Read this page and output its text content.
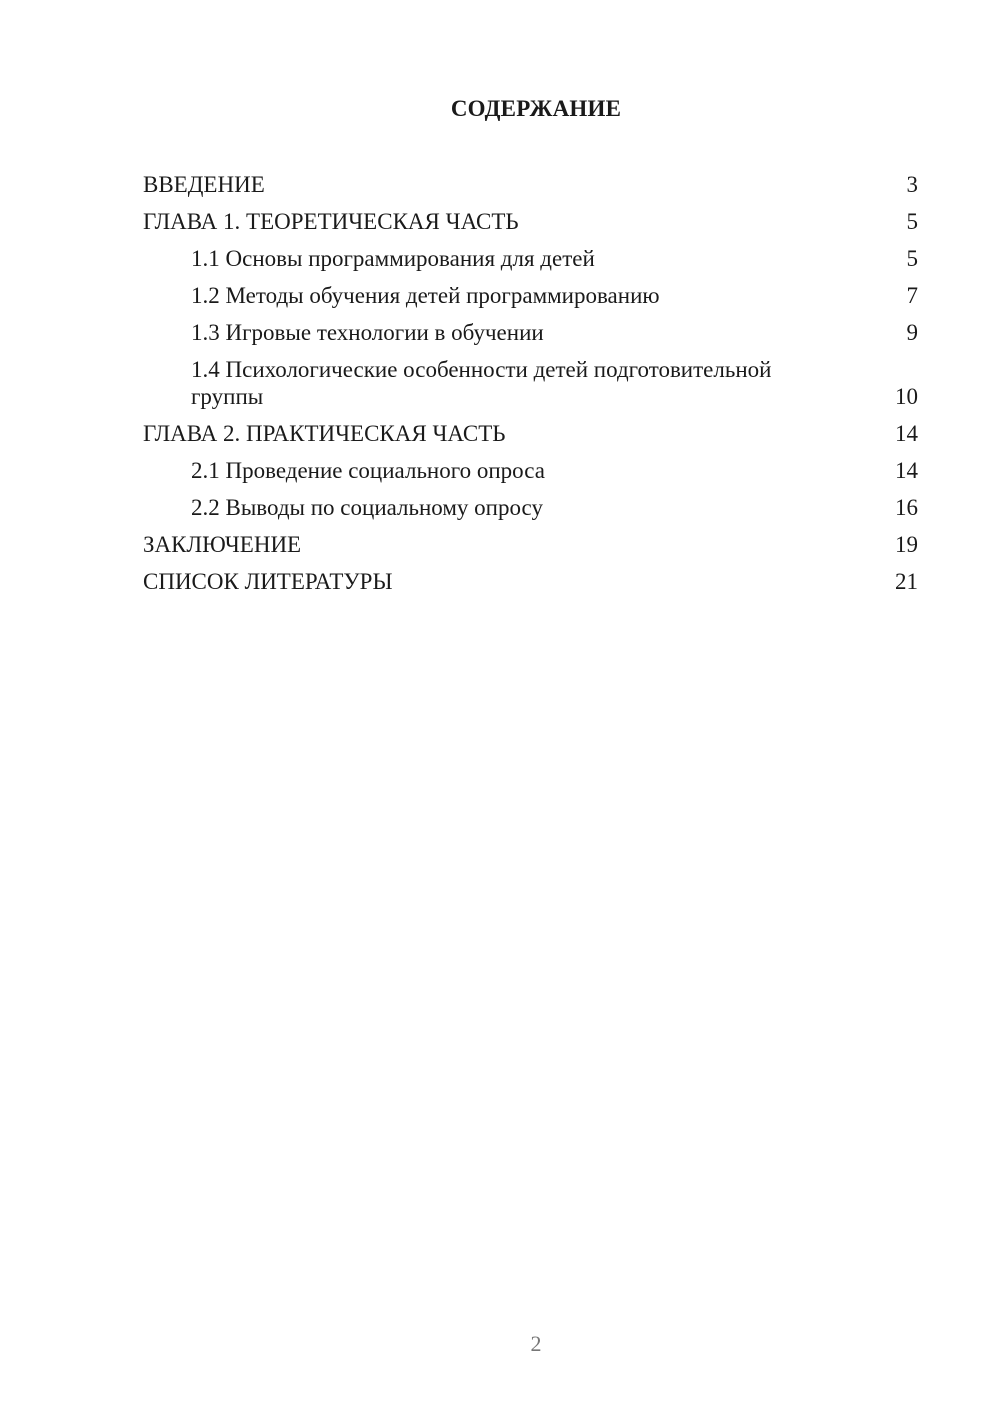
СОДЕРЖАНИЕ
ВВЕДЕНИЕ	3
ГЛАВА 1. ТЕОРЕТИЧЕСКАЯ ЧАСТЬ	5
1.1 Основы программирования для детей	5
1.2 Методы обучения детей программированию	7
1.3 Игровые технологии в обучении	9
1.4 Психологические особенности детей подготовительной группы	10
ГЛАВА 2. ПРАКТИЧЕСКАЯ ЧАСТЬ	14
2.1 Проведение социального опроса	14
2.2 Выводы по социальному опросу	16
ЗАКЛЮЧЕНИЕ	19
СПИСОК ЛИТЕРАТУРЫ	21
2
